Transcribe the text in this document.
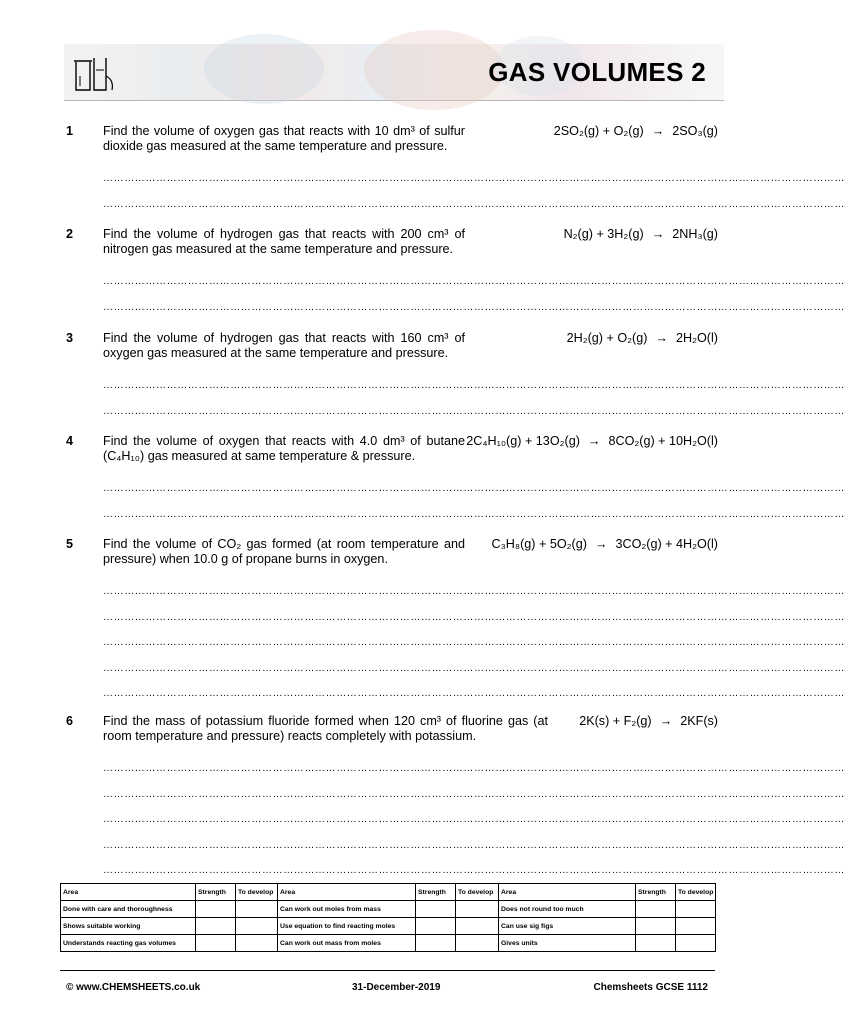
GAS VOLUMES 2
1 Find the volume of oxygen gas that reacts with 10 dm³ of sulfur dioxide gas measured at the same temperature and pressure.
2SO₂(g) + O₂(g) → 2SO₃(g)
…………………………………………………………………………………………………………………………………………………………………………………………
…………………………………………………………………………………………………………………………………………………………………………………………
2 Find the volume of hydrogen gas that reacts with 200 cm³ of nitrogen gas measured at the same temperature and pressure.
N₂(g) + 3H₂(g) → 2NH₃(g)
…………………………………………………………………………………………………………………………………………………………………………………………
…………………………………………………………………………………………………………………………………………………………………………………………
3 Find the volume of hydrogen gas that reacts with 160 cm³ of oxygen gas measured at the same temperature and pressure.
2H₂(g) + O₂(g) → 2H₂O(l)
…………………………………………………………………………………………………………………………………………………………………………………………
…………………………………………………………………………………………………………………………………………………………………………………………
4 Find the volume of oxygen that reacts with 4.0 dm³ of butane (C₄H₁₀) gas measured at same temperature & pressure.
2C₄H₁₀(g) + 13O₂(g) → 8CO₂(g) + 10H₂O(l)
…………………………………………………………………………………………………………………………………………………………………………………………
…………………………………………………………………………………………………………………………………………………………………………………………
5 Find the volume of CO₂ gas formed (at room temperature and pressure) when 10.0 g of propane burns in oxygen.
C₃H₈(g) + 5O₂(g) → 3CO₂(g) + 4H₂O(l)
…………………………………………………………………………………………………………………………………………………………………………………………
…………………………………………………………………………………………………………………………………………………………………………………………
…………………………………………………………………………………………………………………………………………………………………………………………
…………………………………………………………………………………………………………………………………………………………………………………………
…………………………………………………………………………………………………………………………………………………………………………………………
6 Find the mass of potassium fluoride formed when 120 cm³ of fluorine gas (at room temperature and pressure) reacts completely with potassium.
2K(s) + F₂(g) → 2KF(s)
…………………………………………………………………………………………………………………………………………………………………………………………
…………………………………………………………………………………………………………………………………………………………………………………………
…………………………………………………………………………………………………………………………………………………………………………………………
…………………………………………………………………………………………………………………………………………………………………………………………
…………………………………………………………………………………………………………………………………………………………………………………………
Area	Strength	To develop	Area	Strength	To develop	Area	Strength	To develop
Done with care and thoroughness			Can work out moles from mass			Does not round too much		
Shows suitable working			Use equation to find reacting moles			Can use sig figs		
Understands reacting gas volumes			Can work out mass from moles			Gives units		
© www.CHEMSHEETS.co.uk	31-December-2019	Chemsheets GCSE 1112
